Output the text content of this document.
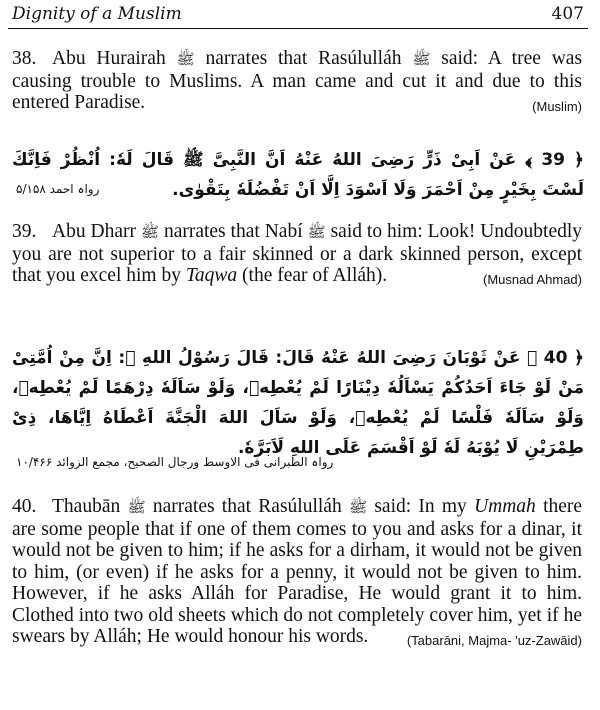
Dignity of a Muslim	407
38. Abu Hurairah ﷺ narrates that Rasúlulláh ﷺ said: A tree was causing trouble to Muslims. A man came and cut it and due to this entered Paradise.	(Muslim)
﴿ 39 ﴾ عَنْ اَبِیْ ذَرٍّ رَضِیَ اللهُ عَنْهُ اَنَّ النَّبِیَّ ﷺ قَالَ لَهٗ: اُنْظُرْ فَاِنَّكَ لَسْتَ بِخَیْرٍ مِنْ اَحْمَرَ وَلَا اَسْوَدَ اِلَّا اَنْ تَفْضُلَهٗ بِتَقْوٰی.
رواہ احمد ۵/۱۵۸
39. Abu Dharr ﷺ narrates that Nabí ﷺ said to him: Look! Undoubtedly you are not superior to a fair skinned or a dark skinned person, except that you excel him by Taqwa (the fear of Alláh).	(Musnad Ahmad)
﴿ 40 ﴾ عَنْ ثَوْبَانَ رَضِیَ اللهُ عَنْهُ قَالَ: قَالَ رَسُوْلُ اللهِ ﷺ: اِنَّ مِنْ اُمَّتِیْ مَنْ لَوْ جَاءَ اَحَدُكُمْ یَسْاَلُهٗ دِیْنَارًا لَمْ یُعْطِهٖ، وَلَوْ سَاَلَهٗ دِرْهَمًا لَمْ یُعْطِهٖ، وَلَوْ سَاَلَهٗ فَلْسًا لَمْ یُعْطِهٖ، وَلَوْ سَاَلَ اللهَ الْجَنَّةَ اَعْطَاهُ اِیَّاهَا، ذِیْ طِمْرَیْنِ لَا یُوْبَهُ لَهٗ لَوْ اَقْسَمَ عَلَی اللهِ لَاَبَرَّهٗ.
رواہ الطبرانی فی الاوسط ورجال الصحیح، مجمع الزوائد ۱۰/۴۶۶
40. Thaubān ﷺ narrates that Rasúlulláh ﷺ said: In my Ummah there are some people that if one of them comes to you and asks for a dinar, it would not be given to him; if he asks for a dirham, it would not be given to him, (or even) if he asks for a penny, it would not be given to him. However, if he asks Alláh for Paradise, He would grant it to him. Clothed into two old sheets which do not completely cover him, yet if he swears by Alláh; He would honour his words.	(Tabarāni, Majma- 'uz-Zawāid)
